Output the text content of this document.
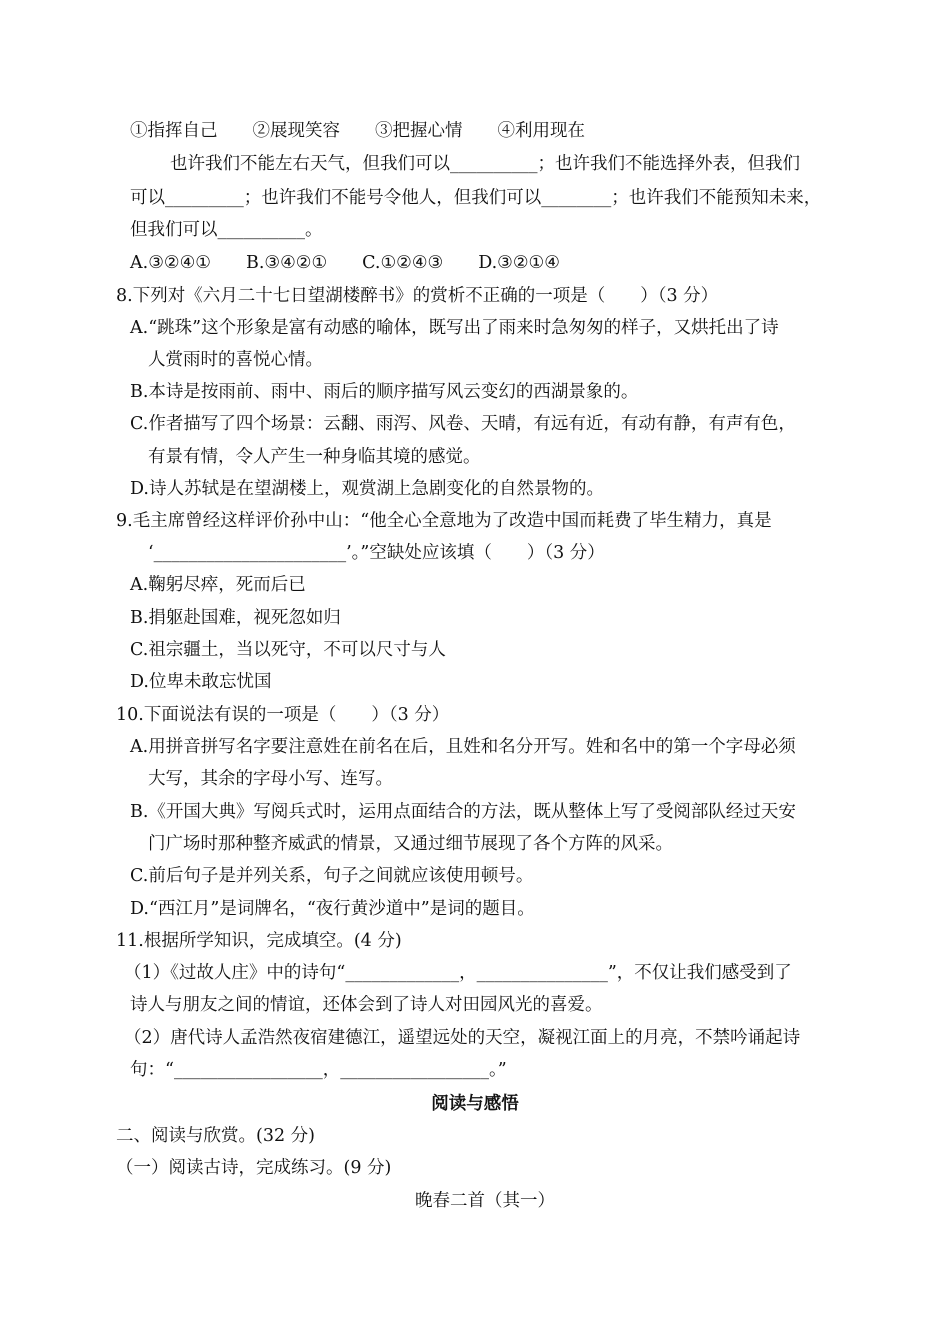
①指挥自己　　②展现笑容　　③把握心情　　④利用现在
也许我们不能左右天气，但我们可以__________；也许我们不能选择外表，但我们
可以_________；也许我们不能号令他人，但我们可以________；也许我们不能预知未来，
但我们可以__________。
A.③②④①　　B.③④②①　　C.①②④③　　D.③②①④
8.下列对《六月二十七日望湖楼醉书》的赏析不正确的一项是（　　）（3 分）
A.“跳珠”这个形象是富有动感的喻体，既写出了雨来时急匆匆的样子，又烘托出了诗
人赏雨时的喜悦心情。
B.本诗是按雨前、雨中、雨后的顺序描写风云变幻的西湖景象的。
C.作者描写了四个场景：云翻、雨泻、风卷、天晴，有远有近，有动有静，有声有色，
有景有情，令人产生一种身临其境的感觉。
D.诗人苏轼是在望湖楼上，观赏湖上急剧变化的自然景物的。
9.毛主席曾经这样评价孙中山：“他全心全意地为了改造中国而耗费了毕生精力，真是
‘______________________’。”空缺处应该填（　　）（3 分）
A.鞠躬尽瘁，死而后已
B.捐躯赴国难，视死忽如归
C.祖宗疆土，当以死守，不可以尺寸与人
D.位卑未敢忘忧国
10.下面说法有误的一项是（　　）（3 分）
A.用拼音拼写名字要注意姓在前名在后，且姓和名分开写。姓和名中的第一个字母必须
大写，其余的字母小写、连写。
B.《开国大典》写阅兵式时，运用点面结合的方法，既从整体上写了受阅部队经过天安
门广场时那种整齐威武的情景，又通过细节展现了各个方阵的风采。
C.前后句子是并列关系，句子之间就应该使用顿号。
D.“西江月”是词牌名，“夜行黄沙道中”是词的题目。
11.根据所学知识，完成填空。(4 分)
（1）《过故人庄》中的诗句“_____________，_______________”，不仅让我们感受到了
诗人与朋友之间的情谊，还体会到了诗人对田园风光的喜爱。
（2）唐代诗人孟浩然夜宿建德江，遥望远处的天空，凝视江面上的月亮，不禁吟诵起诗
句：“_________________，_________________。”
阅读与感悟
二、阅读与欣赏。(32 分)
（一）阅读古诗，完成练习。(9 分)
晚春二首（其一）
